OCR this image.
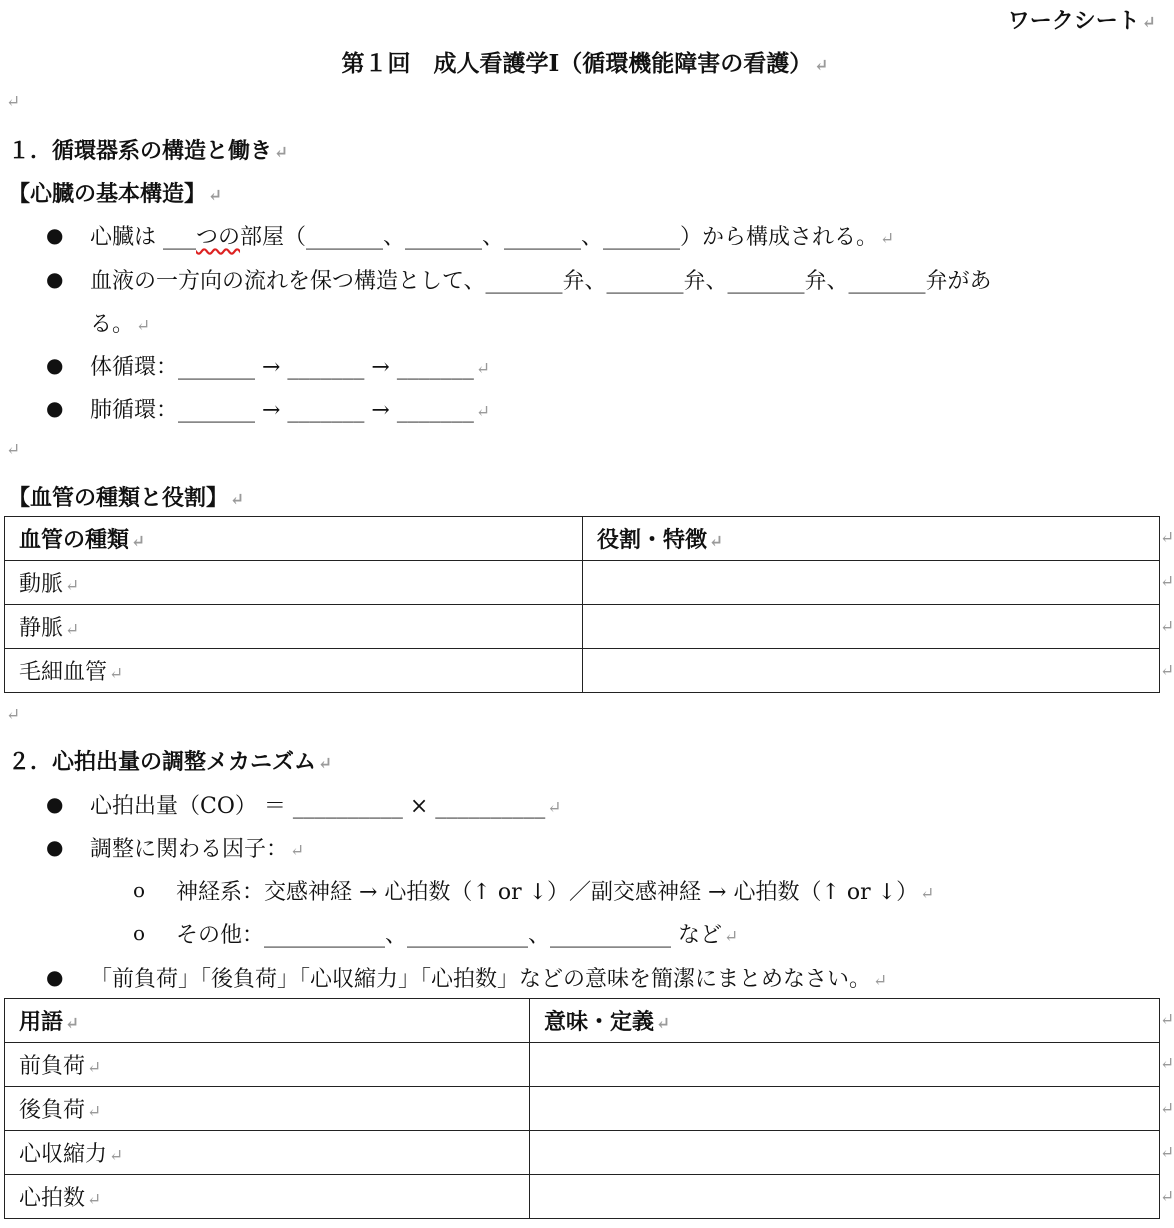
ワークシート ↵
第１回　成人看護学Ⅰ（循環機能障害の看護） ↵
↵
１．循環器系の構造と働き ↵
【心臓の基本構造】 ↵
● 心臓は ___つの部屋（_______、_______、_______、_______）から構成される。 ↵
● 血液の一方向の流れを保つ構造として、_______弁、_______弁、_______弁、_______弁があ
る。 ↵
● 体循環：_______ → _______ → _______ ↵
● 肺循環：_______ → _______ → _______ ↵
↵
【血管の種類と役割】 ↵
血管の種類 ↵	役割・特徴 ↵
動脈 ↵	
静脈 ↵	
毛細血管 ↵	
↵
↵
↵
↵
↵
２．心拍出量の調整メカニズム ↵
● 心拍出量（CO） ＝ __________ × __________ ↵
● 調整に関わる因子： ↵
o 神経系：交感神経 → 心拍数（↑ or ↓）／副交感神経 → 心拍数（↑ or ↓） ↵
o その他：___________、___________、___________ など ↵
● 「前負荷」「後負荷」「心収縮力」「心拍数」などの意味を簡潔にまとめなさい。 ↵
用語 ↵	意味・定義 ↵
前負荷 ↵	
後負荷 ↵	
心収縮力 ↵	
心拍数 ↵	
↵
↵
↵
↵
↵
